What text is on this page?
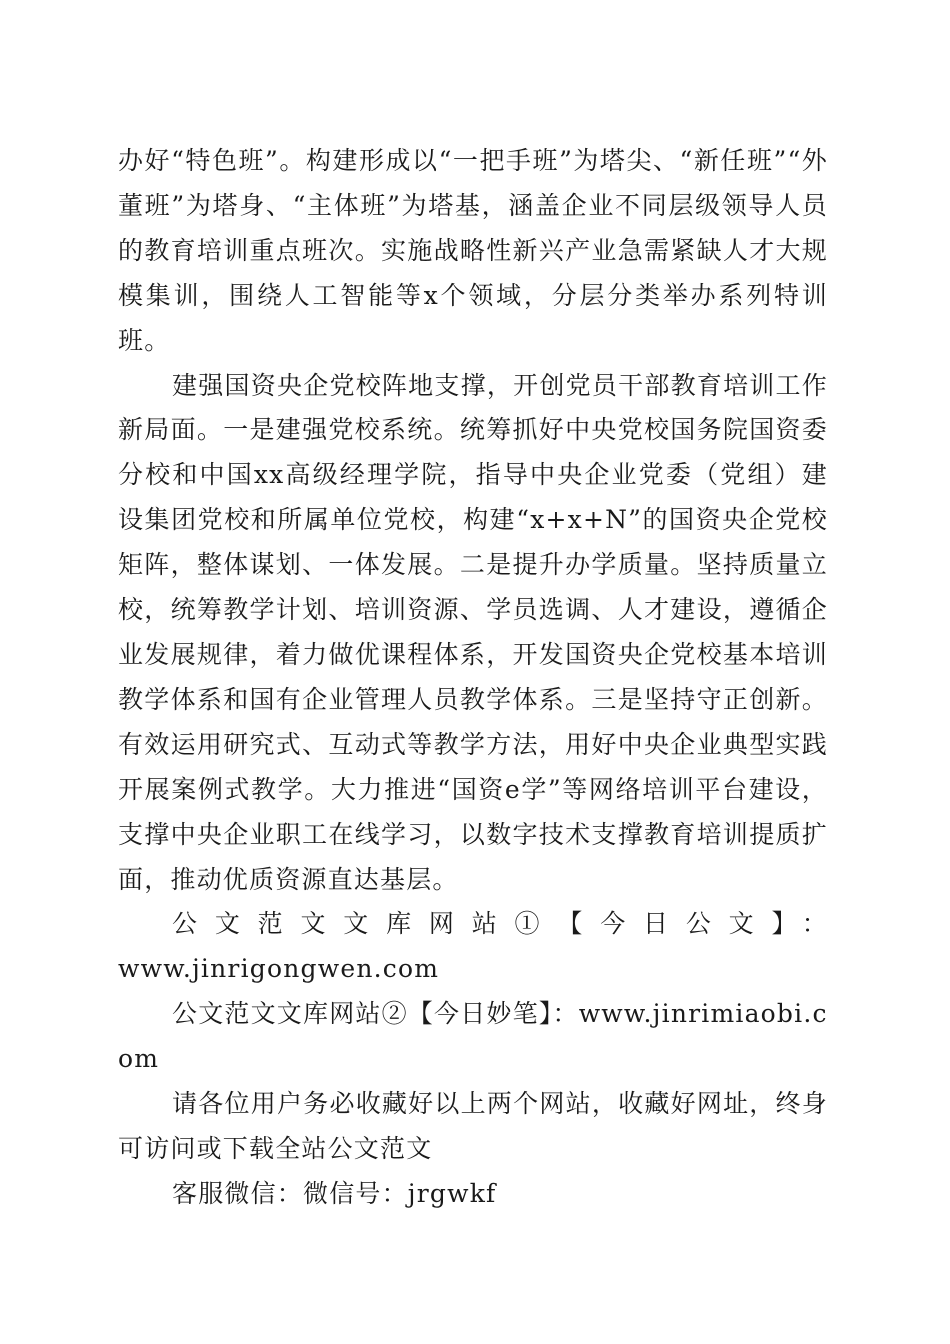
办好“特色班”。构建形成以“一把手班”为塔尖、“新任班”“外董班”为塔身、“主体班”为塔基，涵盖企业不同层级领导人员的教育培训重点班次。实施战略性新兴产业急需紧缺人才大规模集训，围绕人工智能等x个领域，分层分类举办系列特训班。

建强国资央企党校阵地支撑，开创党员干部教育培训工作新局面。一是建强党校系统。统筹抓好中央党校国务院国资委分校和中国xx高级经理学院，指导中央企业党委（党组）建设集团党校和所属单位党校，构建“x+x+N”的国资央企党校矩阵，整体谋划、一体发展。二是提升办学质量。坚持质量立校，统筹教学计划、培训资源、学员选调、人才建设，遵循企业发展规律，着力做优课程体系，开发国资央企党校基本培训教学体系和国有企业管理人员教学体系。三是坚持守正创新。有效运用研究式、互动式等教学方法，用好中央企业典型实践开展案例式教学。大力推进“国资e学”等网络培训平台建设，支撑中央企业职工在线学习，以数字技术支撑教育培训提质扩面，推动优质资源直达基层。

公文范文文库网站①【今日公文】：

www.jinrigongwen.com

公文范文文库网站②【今日妙笔】：www.jinrimiaobi.com

请各位用户务必收藏好以上两个网站，收藏好网址，终身可访问或下载全站公文范文

客服微信：微信号：jrgwkf
